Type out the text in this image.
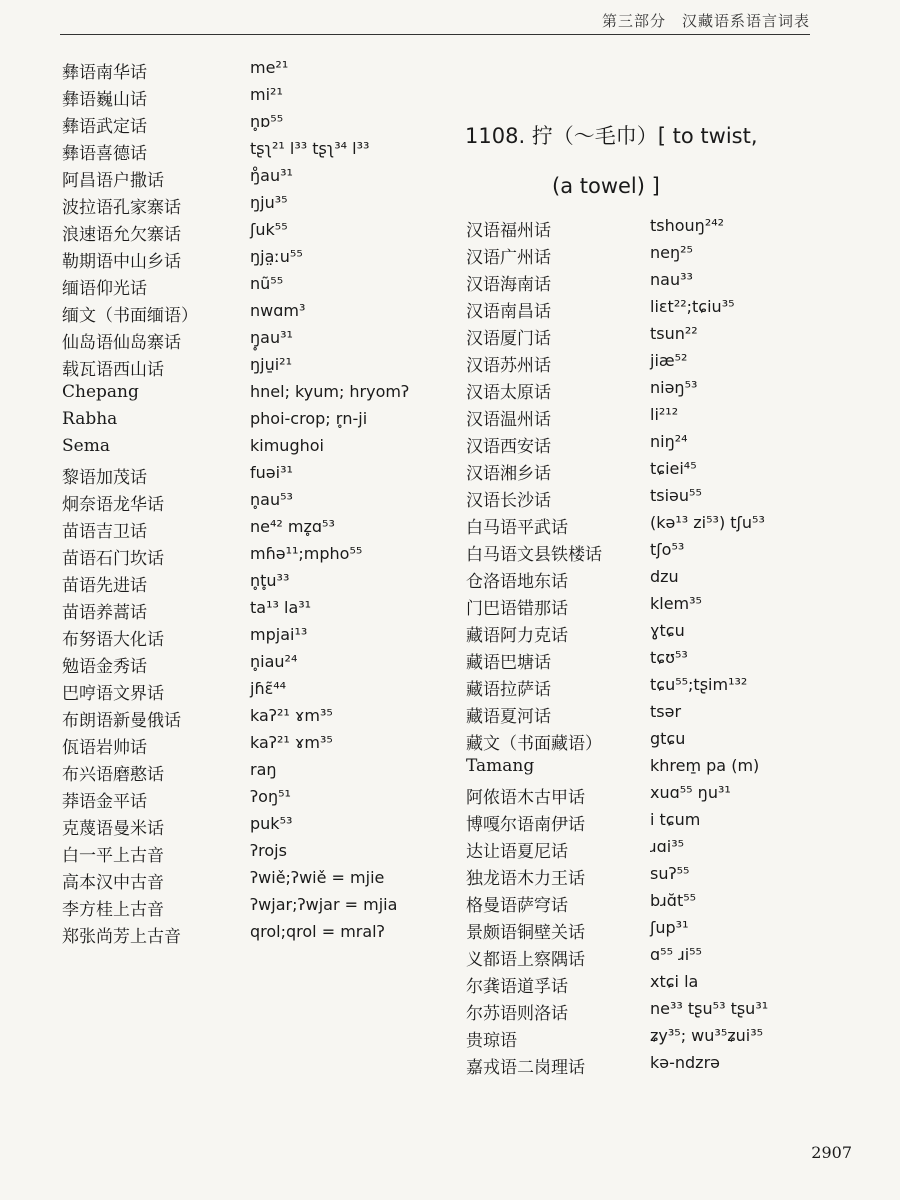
第三部分　汉藏语系语言词表
彝语南华话	me²¹
彝语巍山话	mi²¹
彝语武定话	n̥ɒ⁵⁵
彝语喜德话	tʂʅ²¹ l³³ tʂʅ³⁴ l³³
阿昌语户撒话	ŋ̊au³¹
波拉语孔家寨话	ŋju³⁵
浪速语允欠寨话	ʃuk⁵⁵
勒期语中山乡话	ŋja̤ːu⁵⁵
缅语仰光话	nũ⁵⁵
缅文（书面缅语）	nwɑm³
仙岛语仙岛寨话	ŋ̥au³¹
载瓦语西山话	ŋju̱i²¹
Chepang	hnel; kyum; hryomʔ
Rabha	phoi-crop; r̥n-ji
Sema	kimughoi
黎语加茂话	fuəi³¹
炯奈语龙华话	n̥au⁵³
苗语吉卫话	ne⁴² mz̥ɑ⁵³
苗语石门坎话	mɦə¹¹;mpho⁵⁵
苗语先进话	n̥t̥u³³
苗语养蒿话	ta¹³ la³¹
布努语大化话	mpjai¹³
勉语金秀话	n̥iau²⁴
巴哼语文界话	jɦɛ̃⁴⁴
布朗语新曼俄话	kaʔ²¹ ɤm³⁵
佤语岩帅话	kaʔ²¹ ɤm³⁵
布兴语磨憨话	raŋ
莽语金平话	ʔoŋ⁵¹
克蔑语曼米话	puk⁵³
白一平上古音	ʔrojs
高本汉中古音	ʔwiě;ʔwiě = mjie
李方桂上古音	ʔwjar;ʔwjar = mjia
郑张尚芳上古音	qrol;qrol = mralʔ
1108. 拧（～毛巾）[ to twist,
(a towel) ]
汉语福州话	tshouŋ²⁴²
汉语广州话	neŋ²⁵
汉语海南话	nau³³
汉语南昌话	liɛt²²;tɕiu³⁵
汉语厦门话	tsun²²
汉语苏州话	jiæ⁵²
汉语太原话	niəŋ⁵³
汉语温州话	li²¹²
汉语西安话	niŋ²⁴
汉语湘乡话	tɕiei⁴⁵
汉语长沙话	tsiəu⁵⁵
白马语平武话	(kə¹³ zi⁵³) tʃu⁵³
白马语文县铁楼话	tʃo⁵³
仓洛语地东话	dzu
门巴语错那话	klem³⁵
藏语阿力克话	ɣtɕu
藏语巴塘话	tɕʊ⁵³
藏语拉萨话	tɕu⁵⁵;tʂim¹³²
藏语夏河话	tsər
藏文（书面藏语）	gtɕu
Tamang	khrem̱ pa (m)
阿侬语木古甲话	xuɑ⁵⁵ ŋu³¹
博嘎尔语南伊话	i tɕum
达让语夏尼话	ɹɑi³⁵
独龙语木力王话	suʔ⁵⁵
格曼语萨穹话	bɹɑ̆t⁵⁵
景颇语铜壁关话	ʃup³¹
义都语上察隅话	ɑ⁵⁵ ɹi⁵⁵
尔龚语道孚话	xtɕi la
尔苏语则洛话	ne³³ tʂu⁵³ tʂu³¹
贵琼语	ʑy³⁵; wu³⁵ʑui³⁵
嘉戎语二岗理话	kə-ndzrə
2907
